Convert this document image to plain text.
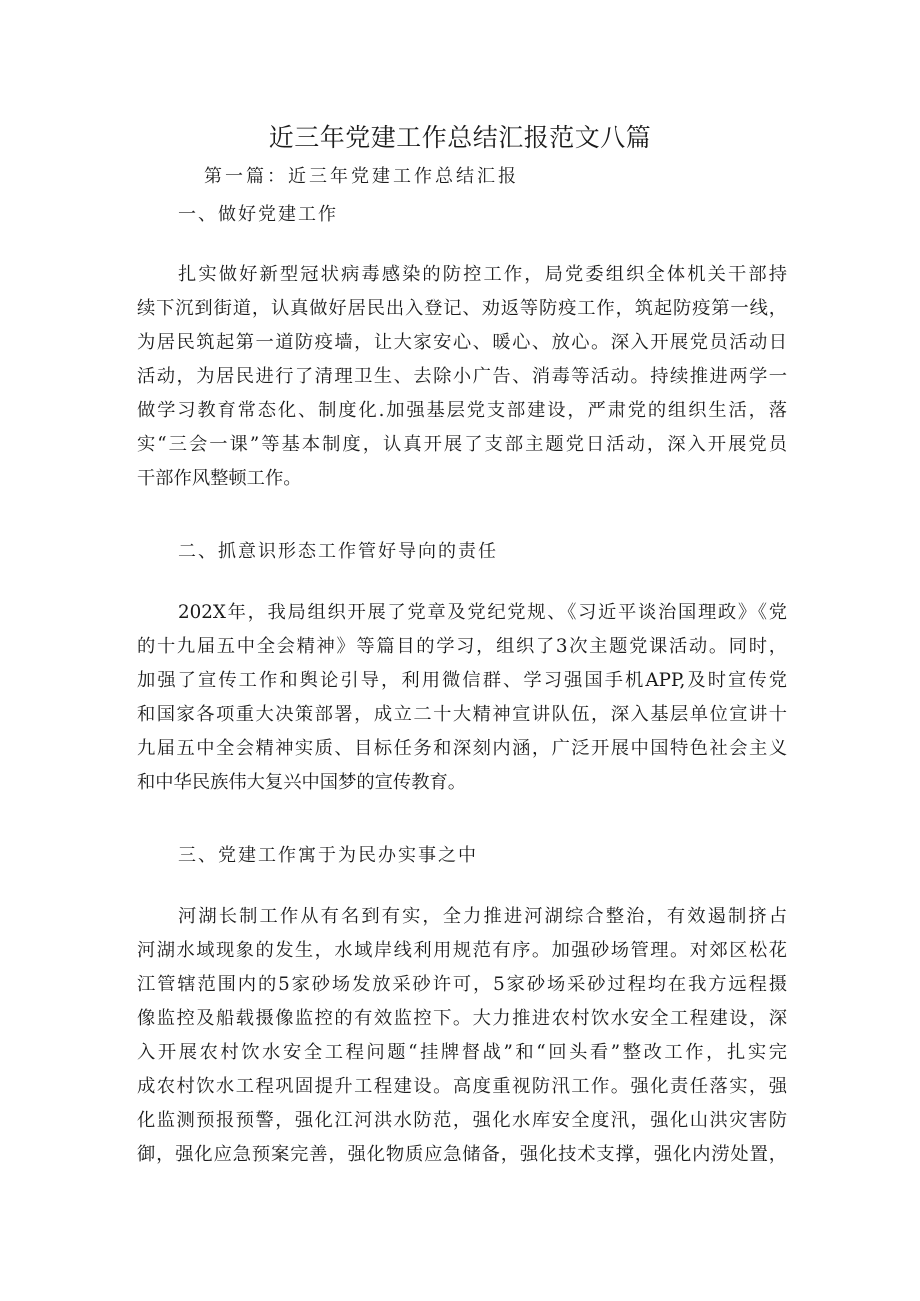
近三年党建工作总结汇报范文八篇

第一篇：近三年党建工作总结汇报

一、做好党建工作

扎实做好新型冠状病毒感染的防控工作，局党委组织全体机关干部持
续下沉到街道，认真做好居民出入登记、劝返等防疫工作，筑起防疫第一线，
为居民筑起第一道防疫墙，让大家安心、暖心、放心。深入开展党员活动日
活动，为居民进行了清理卫生、去除小广告、消毒等活动。持续推进两学一
做学习教育常态化、制度化.加强基层党支部建设，严肃党的组织生活，落
实“三会一课”等基本制度，认真开展了支部主题党日活动，深入开展党员
干部作风整顿工作。

二、抓意识形态工作管好导向的责任

202X年，我局组织开展了党章及党纪党规、《习近平谈治国理政》《党
的十九届五中全会精神》等篇目的学习，组织了3次主题党课活动。同时，
加强了宣传工作和舆论引导，利用微信群、学习强国手机APP,及时宣传党
和国家各项重大决策部署，成立二十大精神宣讲队伍，深入基层单位宣讲十
九届五中全会精神实质、目标任务和深刻内涵，广泛开展中国特色社会主义
和中华民族伟大复兴中国梦的宣传教育。

三、党建工作寓于为民办实事之中

河湖长制工作从有名到有实，全力推进河湖综合整治，有效遏制挤占
河湖水域现象的发生，水域岸线利用规范有序。加强砂场管理。对郊区松花
江管辖范围内的5家砂场发放采砂许可，5家砂场采砂过程均在我方远程摄
像监控及船载摄像监控的有效监控下。大力推进农村饮水安全工程建设，深
入开展农村饮水安全工程问题“挂牌督战”和“回头看”整改工作，扎实完
成农村饮水工程巩固提升工程建设。高度重视防汛工作。强化责任落实，强
化监测预报预警，强化江河洪水防范，强化水库安全度汛，强化山洪灾害防
御，强化应急预案完善，强化物质应急储备，强化技术支撑，强化内涝处置，
